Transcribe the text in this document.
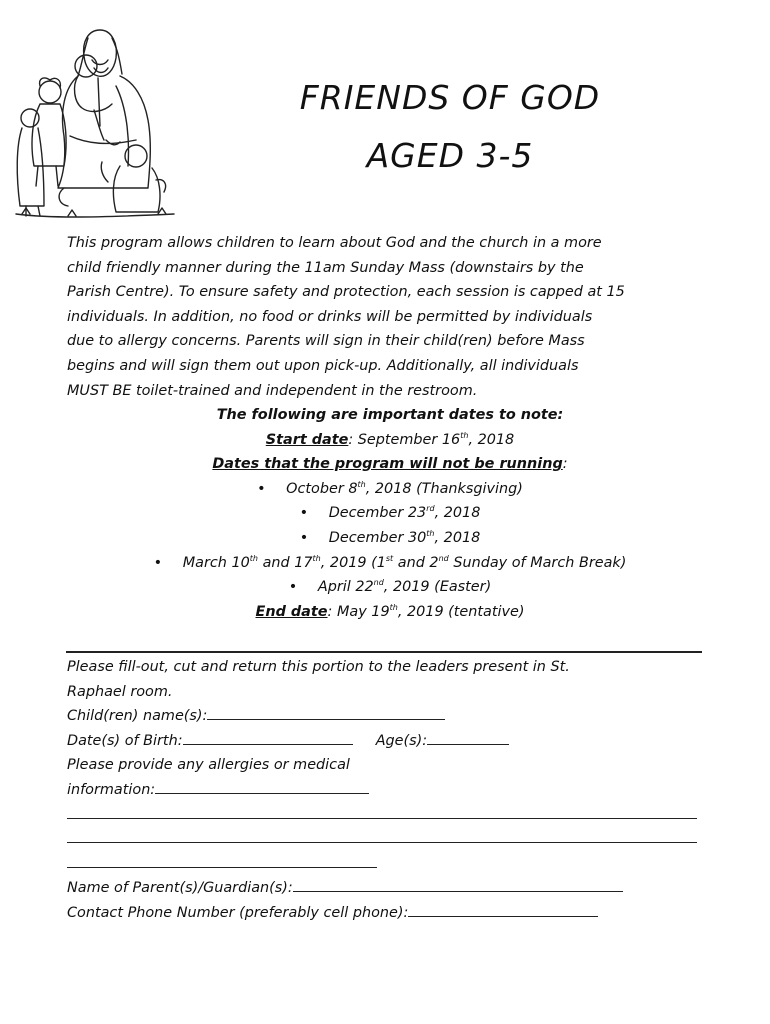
FRIENDS OF GOD
AGED 3-5
This program allows children to learn about God and the church in a more
child friendly manner during the 11am Sunday Mass (downstairs by the
Parish Centre). To ensure safety and protection, each session is capped at 15
individuals. In addition, no food or drinks will be permitted by individuals
due to allergy concerns. Parents will sign in their child(ren) before Mass
begins and will sign them out upon pick-up. Additionally, all individuals
MUST BE toilet-trained and independent in the restroom.
The following are important dates to note:
Start date: September 16th, 2018
Dates that the program will not be running:
• October 8th, 2018 (Thanksgiving)
• December 23rd, 2018
• December 30th, 2018
• March 10th and 17th, 2019 (1st and 2nd Sunday of March Break)
• April 22nd, 2019 (Easter)
End date: May 19th, 2019 (tentative)
Please fill-out, cut and return this portion to the leaders present in St.
Raphael room.
Child(ren) name(s):
Date(s) of Birth:	Age(s):
Please provide any allergies or medical
information:
Name of Parent(s)/Guardian(s):
Contact Phone Number (preferably cell phone):
